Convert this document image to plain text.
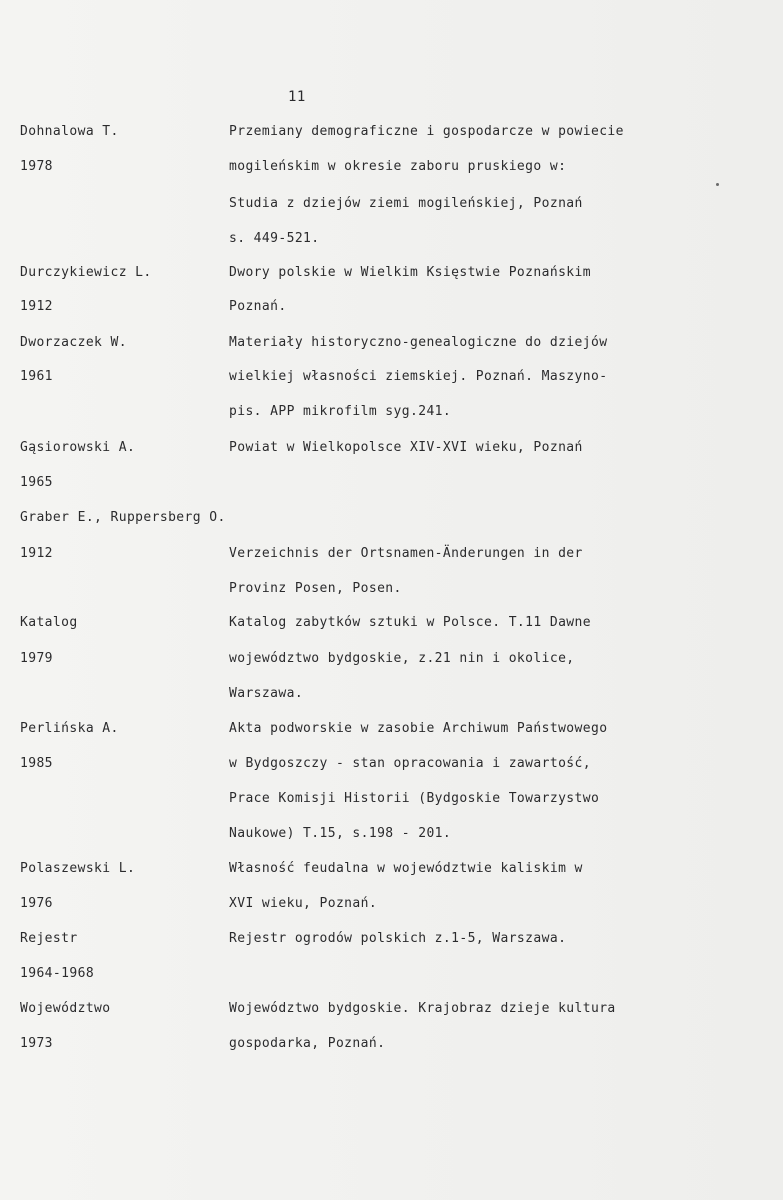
11
Dohnalowa T.
1978
Przemiany demograficzne i gospodarcze w powiecie
mogileńskim w okresie zaboru pruskiego w:
Studia z dziejów ziemi mogileńskiej, Poznań
s. 449-521.
Durczykiewicz L.
1912
Dwory polskie w Wielkim Księstwie Poznańskim
Poznań.
Dworzaczek W.
1961
Materiały historyczno-genealogiczne do dziejów
wielkiej własności ziemskiej. Poznań. Maszyno-
pis. APP mikrofilm syg.241.
Gąsiorowski A.
1965
Powiat w Wielkopolsce XIV-XVI wieku, Poznań
Graber E., Ruppersberg O.
1912	Verzeichnis der Ortsnamen-Änderungen in der
Provinz Posen, Posen.
Katalog
1979
Katalog zabytków sztuki w Polsce. T.11 Dawne
województwo bydgoskie, z.21 nin i okolice,
Warszawa.
Perlińska A.
1985
Akta podworskie w zasobie Archiwum Państwowego
w Bydgoszczy - stan opracowania i zawartość,
Prace Komisji Historii (Bydgoskie Towarzystwo
Naukowe) T.15, s.198 - 201.
Polaszewski L.
1976
Własność feudalna w województwie kaliskim w
XVI wieku, Poznań.
Rejestr
1964-1968
Rejestr ogrodów polskich z.1-5, Warszawa.
Województwo
1973
Województwo bydgoskie. Krajobraz dzieje kultura
gospodarka, Poznań.
